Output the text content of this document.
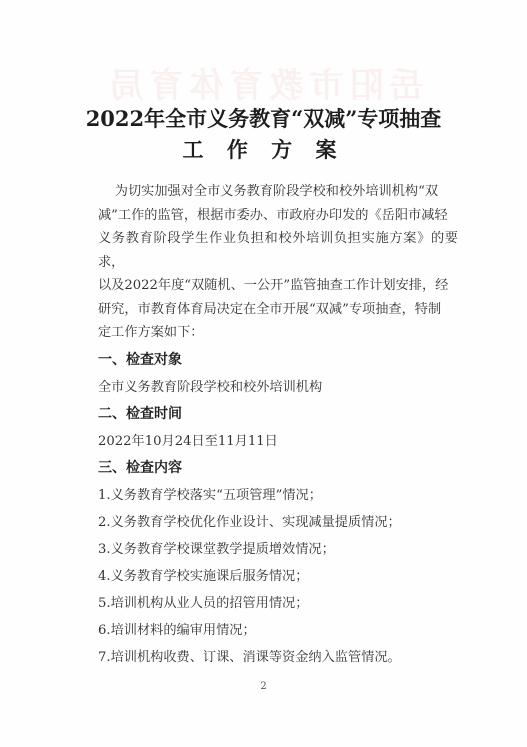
岳阳市教育体育局
2022年全市义务教育“双减”专项抽查
工 作 方 案
为切实加强对全市义务教育阶段学校和校外培训机构“双
减”工作的监管，根据市委办、市政府办印发的《岳阳市减轻
义务教育阶段学生作业负担和校外培训负担实施方案》的要求，
以及2022年度“双随机、一公开”监管抽查工作计划安排，经
研究，市教育体育局决定在全市开展“双减”专项抽查，特制
定工作方案如下：
一、检查对象
全市义务教育阶段学校和校外培训机构
二、检查时间
2022年10月24日至11月11日
三、检查内容
1.义务教育学校落实“五项管理”情况；
2.义务教育学校优化作业设计、实现减量提质情况；
3.义务教育学校课堂教学提质增效情况；
4.义务教育学校实施课后服务情况；
5.培训机构从业人员的招管用情况；
6.培训材料的编审用情况；
7.培训机构收费、订课、消课等资金纳入监管情况。
2
